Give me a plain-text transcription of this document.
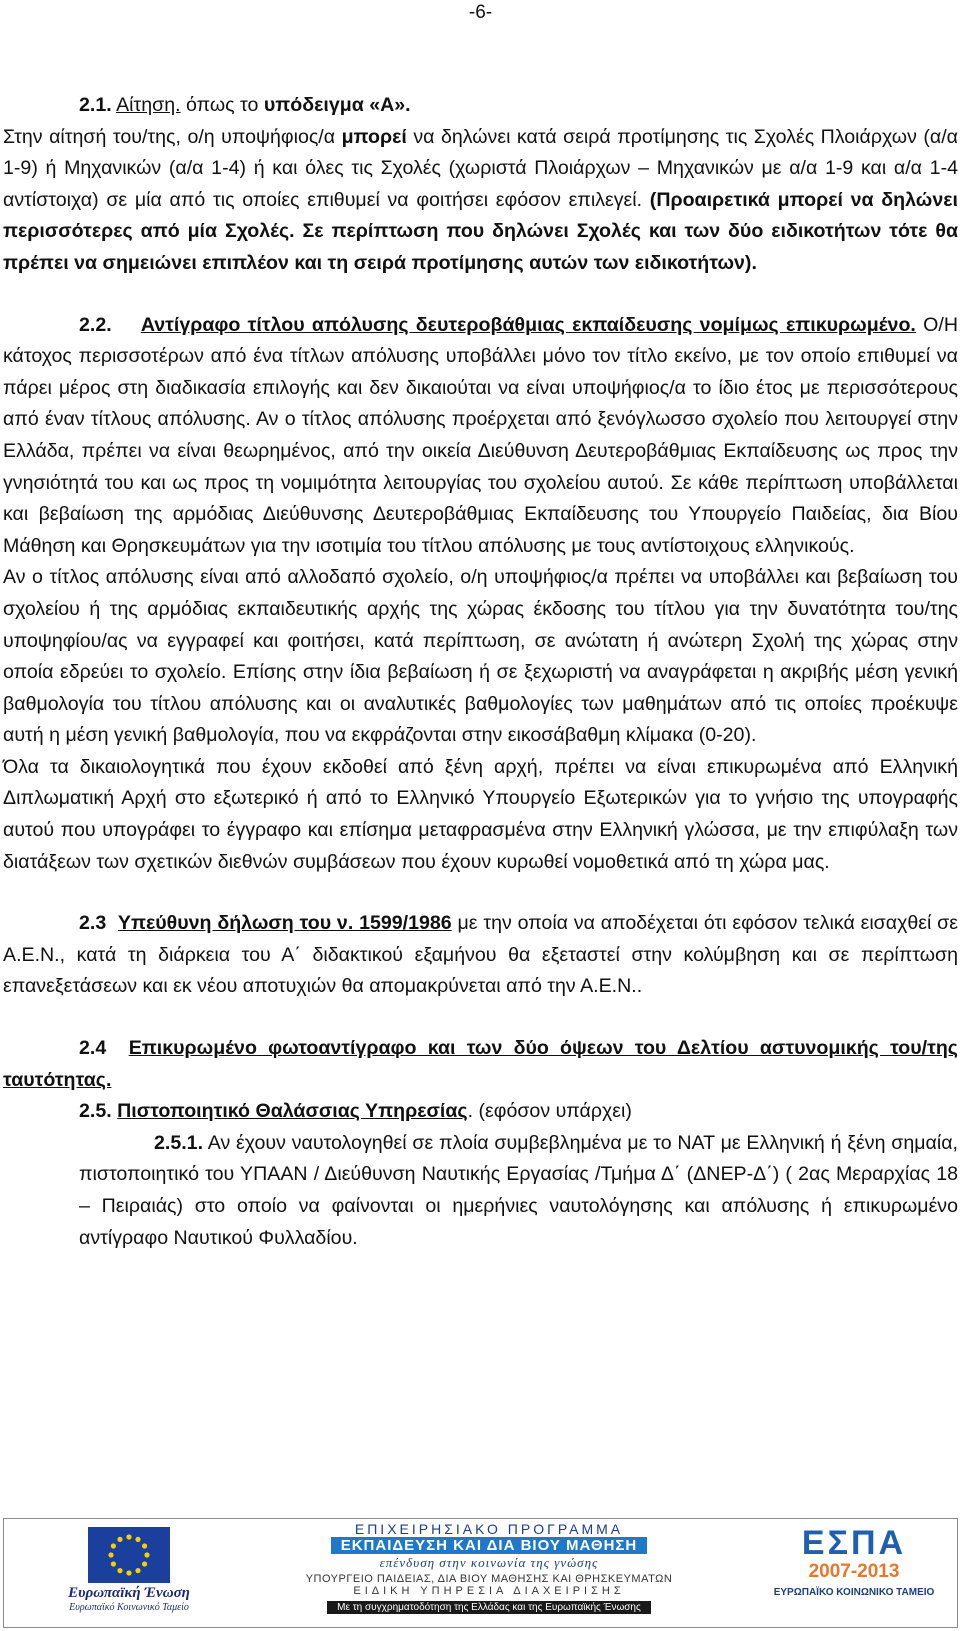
-6-

2.1. Αίτηση. όπως το υπόδειγμα «Α».

Στην αίτησή του/της, ο/η υποψήφιος/α μπορεί να δηλώνει κατά σειρά προτίμησης τις Σχολές Πλοιάρχων (α/α 1-9) ή Μηχανικών (α/α 1-4) ή και όλες τις Σχολές (χωριστά Πλοιάρχων – Μηχανικών με α/α 1-9 και α/α 1-4 αντίστοιχα) σε μία από τις οποίες επιθυμεί να φοιτήσει εφόσον επιλεγεί. (Προαιρετικά μπορεί να δηλώνει περισσότερες από μία Σχολές. Σε περίπτωση που δηλώνει Σχολές και των δύο ειδικοτήτων τότε θα πρέπει να σημειώνει επιπλέον και τη σειρά προτίμησης αυτών των ειδικοτήτων).

2.2. Αντίγραφο τίτλου απόλυσης δευτεροβάθμιας εκπαίδευσης νομίμως επικυρωμένο. Ο/Η κάτοχος περισσοτέρων από ένα τίτλων απόλυσης υποβάλλει μόνο τον τίτλο εκείνο, με τον οποίο επιθυμεί να πάρει μέρος στη διαδικασία επιλογής και δεν δικαιούται να είναι υποψήφιος/α το ίδιο έτος με περισσότερους από έναν τίτλους απόλυσης. Αν ο τίτλος απόλυσης προέρχεται από ξενόγλωσσο σχολείο που λειτουργεί στην Ελλάδα, πρέπει να είναι θεωρημένος, από την οικεία Διεύθυνση Δευτεροβάθμιας Εκπαίδευσης ως προς την γνησιότητά του και ως προς τη νομιμότητα λειτουργίας του σχολείου αυτού. Σε κάθε περίπτωση υποβάλλεται και βεβαίωση της αρμόδιας Διεύθυνσης Δευτεροβάθμιας Εκπαίδευσης του Υπουργείο Παιδείας, δια Βίου Μάθηση και Θρησκευμάτων για την ισοτιμία του τίτλου απόλυσης με τους αντίστοιχους ελληνικούς.

Αν ο τίτλος απόλυσης είναι από αλλοδαπό σχολείο, ο/η υποψήφιος/α πρέπει να υποβάλλει και βεβαίωση του σχολείου ή της αρμόδιας εκπαιδευτικής αρχής της χώρας έκδοσης του τίτλου για την δυνατότητα του/της υποψηφίου/ας να εγγραφεί και φοιτήσει, κατά περίπτωση, σε ανώτατη ή ανώτερη Σχολή της χώρας στην οποία εδρεύει το σχολείο. Επίσης στην ίδια βεβαίωση ή σε ξεχωριστή να αναγράφεται η ακριβής μέση γενική βαθμολογία του τίτλου απόλυσης και οι αναλυτικές βαθμολογίες των μαθημάτων από τις οποίες προέκυψε αυτή η μέση γενική βαθμολογία, που να εκφράζονται στην εικοσάβαθμη κλίμακα (0-20).

Όλα τα δικαιολογητικά που έχουν εκδοθεί από ξένη αρχή, πρέπει να είναι επικυρωμένα από Ελληνική Διπλωματική Αρχή στο εξωτερικό ή από το Ελληνικό Υπουργείο Εξωτερικών για το γνήσιο της υπογραφής αυτού που υπογράφει το έγγραφο και επίσημα μεταφρασμένα στην Ελληνική γλώσσα, με την επιφύλαξη των διατάξεων των σχετικών διεθνών συμβάσεων που έχουν κυρωθεί νομοθετικά από τη χώρα μας.

2.3 Υπεύθυνη δήλωση του ν. 1599/1986 με την οποία να αποδέχεται ότι εφόσον τελικά εισαχθεί σε Α.Ε.Ν., κατά τη διάρκεια του Α΄ διδακτικού εξαμήνου θα εξεταστεί στην κολύμβηση και σε περίπτωση επανεξετάσεων και εκ νέου αποτυχιών θα απομακρύνεται από την Α.Ε.Ν..

2.4 Επικυρωμένο φωτοαντίγραφο και των δύο όψεων του Δελτίου αστυνομικής του/της ταυτότητας.

2.5. Πιστοποιητικό Θαλάσσιας Υπηρεσίας. (εφόσον υπάρχει)

2.5.1. Αν έχουν ναυτολογηθεί σε πλοία συμβεβλημένα με το ΝΑΤ με Ελληνική ή ξένη σημαία, πιστοποιητικό του ΥΠΑΑΝ / Διεύθυνση Ναυτικής Εργασίας /Τμήμα Δ΄ (ΔΝΕΡ-Δ΄) ( 2ας Μεραρχίας 18 – Πειραιάς) στο οποίο να φαίνονται οι ημερήνιες ναυτολόγησης και απόλυσης ή επικυρωμένο αντίγραφο Ναυτικού Φυλλαδίου.

Ευρωπαϊκή Ένωση
Ευρωπαϊκό Κοινωνικό Ταμείο
ΕΠΙΧΕΙΡΗΣΙΑΚΟ ΠΡΟΓΡΑΜΜΑ
ΕΚΠΑΙΔΕΥΣΗ ΚΑΙ ΔΙΑ ΒΙΟΥ ΜΑΘΗΣΗ
επένδυση στην κοινωνία της γνώσης
ΥΠΟΥΡΓΕΙΟ ΠΑΙΔΕΙΑΣ, ΔΙΑ ΒΙΟΥ ΜΑΘΗΣΗΣ ΚΑΙ ΘΡΗΣΚΕΥΜΑΤΩΝ
ΕΙΔΙΚΗ ΥΠΗΡΕΣΙΑ ΔΙΑΧΕΙΡΙΣΗΣ
Με τη συγχρηματοδότηση της Ελλάδας και της Ευρωπαϊκής Ένωσης
ΕΣΠΑ
2007-2013
ΕΥΡΩΠΑΪΚΟ ΚΟΙΝΩΝΙΚΟ ΤΑΜΕΙΟ
